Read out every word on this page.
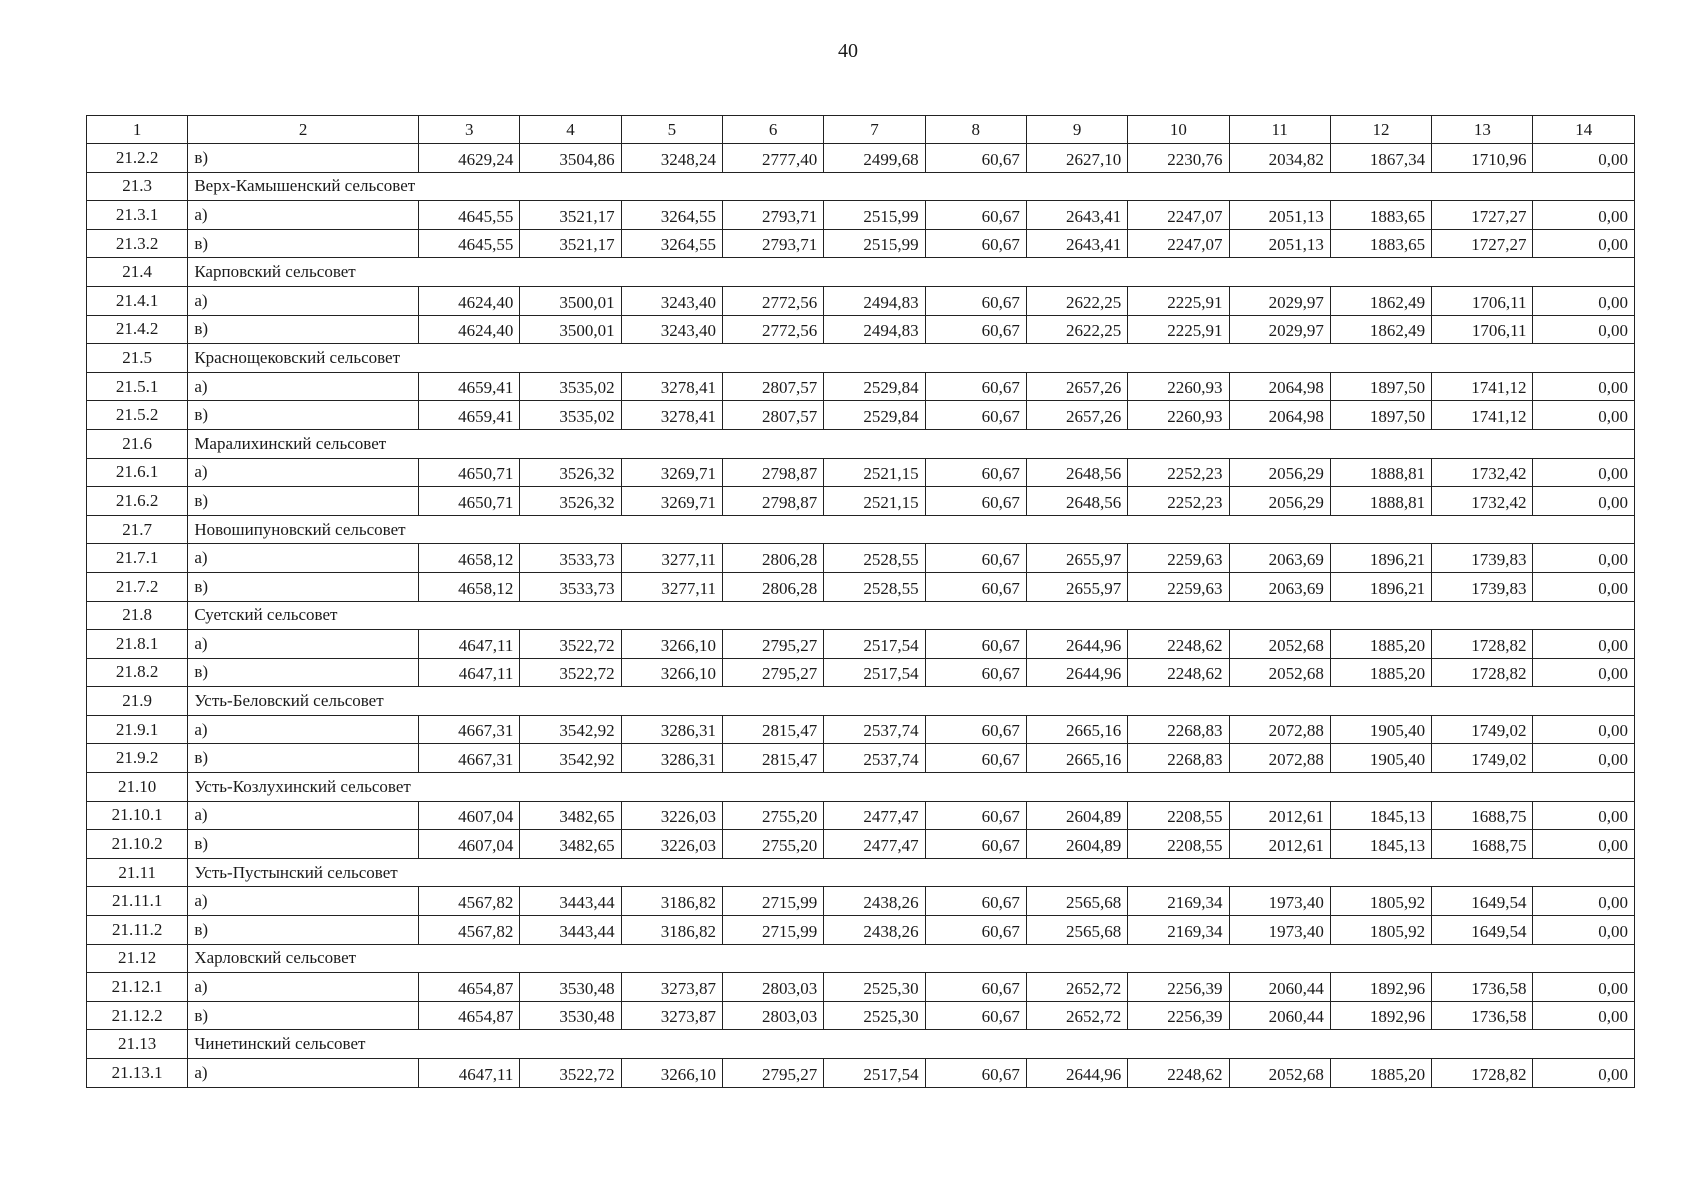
40
1	2	3	4	5	6	7	8	9	10	11	12	13	14
21.2.2	в)	4629,24	3504,86	3248,24	2777,40	2499,68	60,67	2627,10	2230,76	2034,82	1867,34	1710,96	0,00
21.3	Верх-Камышенский сельсовет												
21.3.1	а)	4645,55	3521,17	3264,55	2793,71	2515,99	60,67	2643,41	2247,07	2051,13	1883,65	1727,27	0,00
21.3.2	в)	4645,55	3521,17	3264,55	2793,71	2515,99	60,67	2643,41	2247,07	2051,13	1883,65	1727,27	0,00
21.4	Карповский сельсовет												
21.4.1	а)	4624,40	3500,01	3243,40	2772,56	2494,83	60,67	2622,25	2225,91	2029,97	1862,49	1706,11	0,00
21.4.2	в)	4624,40	3500,01	3243,40	2772,56	2494,83	60,67	2622,25	2225,91	2029,97	1862,49	1706,11	0,00
21.5	Краснощековский сельсовет												
21.5.1	а)	4659,41	3535,02	3278,41	2807,57	2529,84	60,67	2657,26	2260,93	2064,98	1897,50	1741,12	0,00
21.5.2	в)	4659,41	3535,02	3278,41	2807,57	2529,84	60,67	2657,26	2260,93	2064,98	1897,50	1741,12	0,00
21.6	Маралихинский сельсовет												
21.6.1	а)	4650,71	3526,32	3269,71	2798,87	2521,15	60,67	2648,56	2252,23	2056,29	1888,81	1732,42	0,00
21.6.2	в)	4650,71	3526,32	3269,71	2798,87	2521,15	60,67	2648,56	2252,23	2056,29	1888,81	1732,42	0,00
21.7	Новошипуновский сельсовет												
21.7.1	а)	4658,12	3533,73	3277,11	2806,28	2528,55	60,67	2655,97	2259,63	2063,69	1896,21	1739,83	0,00
21.7.2	в)	4658,12	3533,73	3277,11	2806,28	2528,55	60,67	2655,97	2259,63	2063,69	1896,21	1739,83	0,00
21.8	Суетский сельсовет												
21.8.1	а)	4647,11	3522,72	3266,10	2795,27	2517,54	60,67	2644,96	2248,62	2052,68	1885,20	1728,82	0,00
21.8.2	в)	4647,11	3522,72	3266,10	2795,27	2517,54	60,67	2644,96	2248,62	2052,68	1885,20	1728,82	0,00
21.9	Усть-Беловский сельсовет												
21.9.1	а)	4667,31	3542,92	3286,31	2815,47	2537,74	60,67	2665,16	2268,83	2072,88	1905,40	1749,02	0,00
21.9.2	в)	4667,31	3542,92	3286,31	2815,47	2537,74	60,67	2665,16	2268,83	2072,88	1905,40	1749,02	0,00
21.10	Усть-Козлухинский сельсовет												
21.10.1	а)	4607,04	3482,65	3226,03	2755,20	2477,47	60,67	2604,89	2208,55	2012,61	1845,13	1688,75	0,00
21.10.2	в)	4607,04	3482,65	3226,03	2755,20	2477,47	60,67	2604,89	2208,55	2012,61	1845,13	1688,75	0,00
21.11	Усть-Пустынский сельсовет												
21.11.1	а)	4567,82	3443,44	3186,82	2715,99	2438,26	60,67	2565,68	2169,34	1973,40	1805,92	1649,54	0,00
21.11.2	в)	4567,82	3443,44	3186,82	2715,99	2438,26	60,67	2565,68	2169,34	1973,40	1805,92	1649,54	0,00
21.12	Харловский сельсовет												
21.12.1	а)	4654,87	3530,48	3273,87	2803,03	2525,30	60,67	2652,72	2256,39	2060,44	1892,96	1736,58	0,00
21.12.2	в)	4654,87	3530,48	3273,87	2803,03	2525,30	60,67	2652,72	2256,39	2060,44	1892,96	1736,58	0,00
21.13	Чинетинский сельсовет												
21.13.1	а)	4647,11	3522,72	3266,10	2795,27	2517,54	60,67	2644,96	2248,62	2052,68	1885,20	1728,82	0,00
